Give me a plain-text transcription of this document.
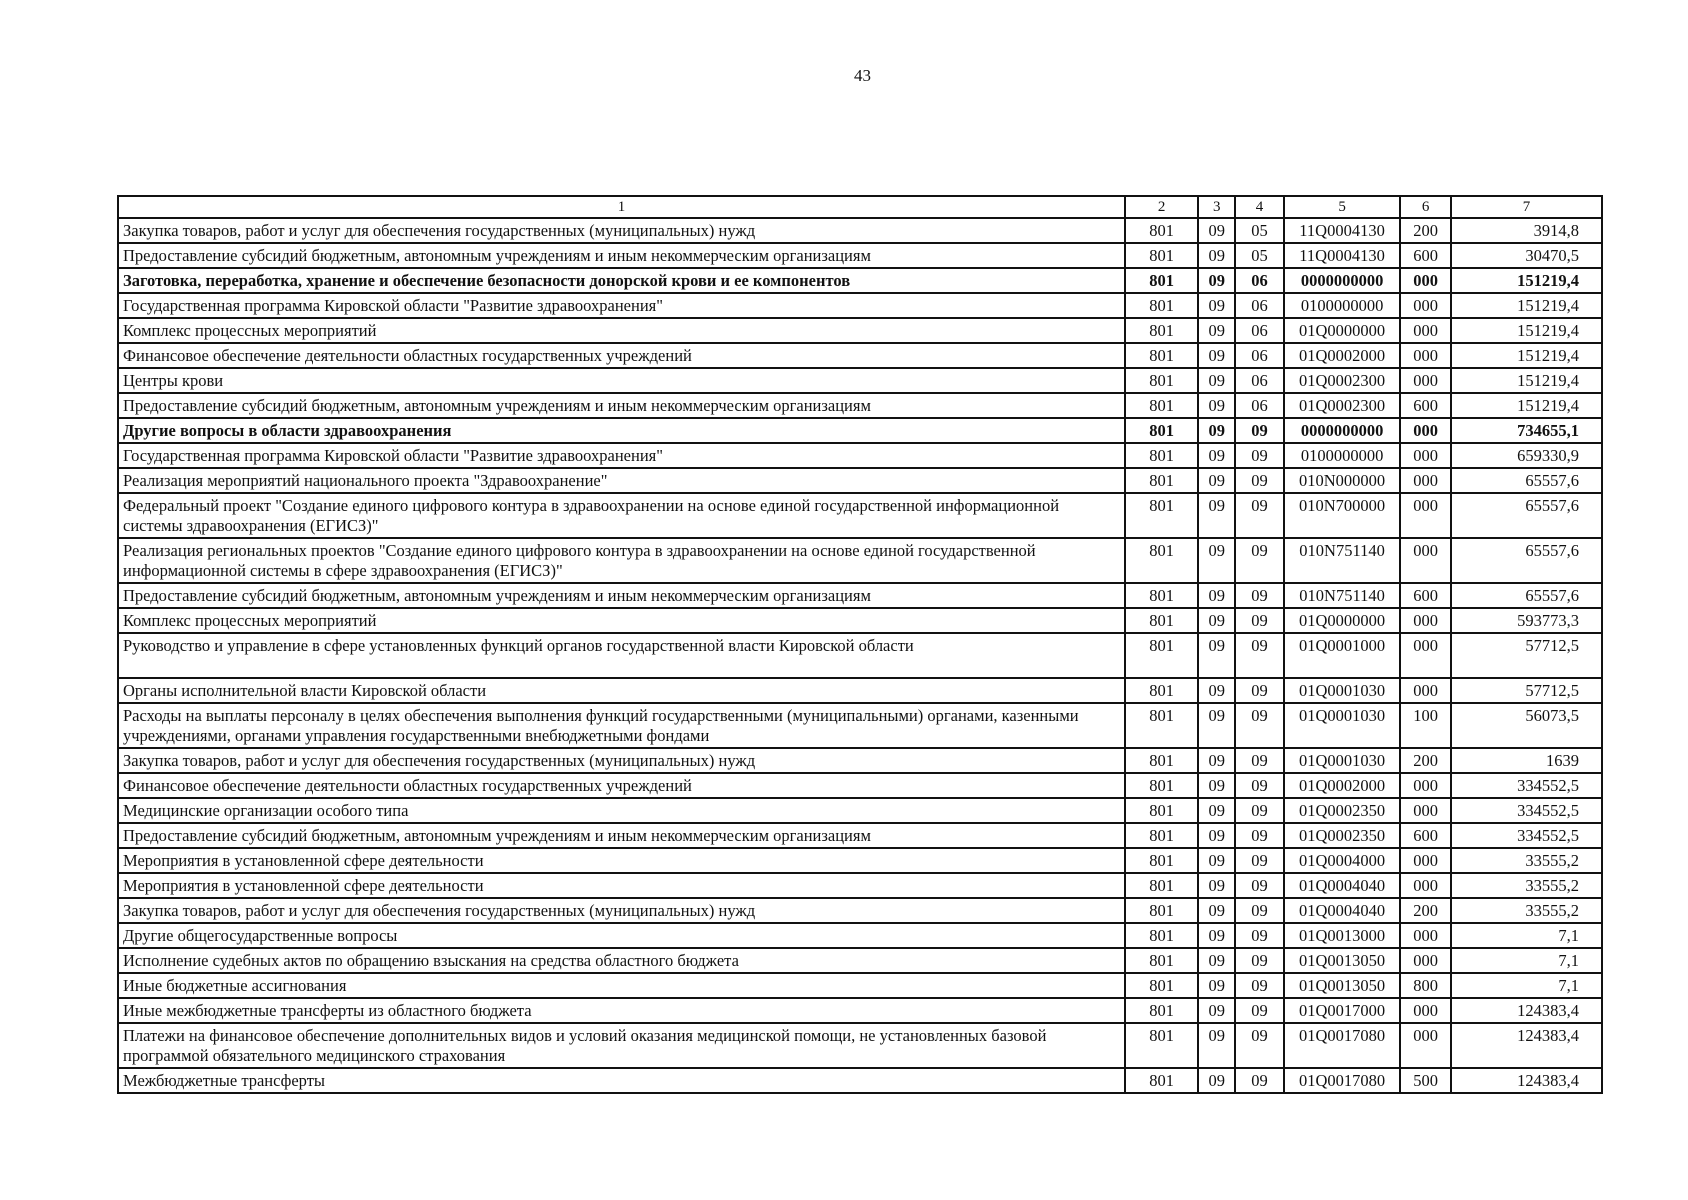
43
1	2	3	4	5	6	7
Закупка товаров, работ и услуг для обеспечения государственных (муниципальных) нужд	801	09	05	11Q0004130	200	3914,8
Предоставление субсидий бюджетным, автономным учреждениям и иным некоммерческим организациям	801	09	05	11Q0004130	600	30470,5
Заготовка, переработка, хранение и обеспечение безопасности донорской крови и ее компонентов	801	09	06	0000000000	000	151219,4
Государственная программа Кировской области "Развитие здравоохранения"	801	09	06	0100000000	000	151219,4
Комплекс процессных мероприятий	801	09	06	01Q0000000	000	151219,4
Финансовое обеспечение деятельности областных государственных учреждений	801	09	06	01Q0002000	000	151219,4
Центры крови	801	09	06	01Q0002300	000	151219,4
Предоставление субсидий бюджетным, автономным учреждениям и иным некоммерческим организациям	801	09	06	01Q0002300	600	151219,4
Другие вопросы в области здравоохранения	801	09	09	0000000000	000	734655,1
Государственная программа Кировской области "Развитие здравоохранения"	801	09	09	0100000000	000	659330,9
Реализация мероприятий национального проекта "Здравоохранение"	801	09	09	010N000000	000	65557,6
Федеральный проект "Создание единого цифрового контура в здравоохранении на основе единой государственной информационной системы здравоохранения (ЕГИСЗ)"	801	09	09	010N700000	000	65557,6
Реализация региональных проектов "Создание единого цифрового контура в здравоохранении на основе единой государственной информационной системы в сфере здравоохранения (ЕГИСЗ)"	801	09	09	010N751140	000	65557,6
Предоставление субсидий бюджетным, автономным учреждениям и иным некоммерческим организациям	801	09	09	010N751140	600	65557,6
Комплекс процессных мероприятий	801	09	09	01Q0000000	000	593773,3
Руководство и управление в сфере установленных функций органов государственной власти Кировской области	801	09	09	01Q0001000	000	57712,5
Органы исполнительной власти Кировской области	801	09	09	01Q0001030	000	57712,5
Расходы на выплаты персоналу в целях обеспечения выполнения функций государственными (муниципальными) органами, казенными учреждениями, органами управления государственными внебюджетными фондами	801	09	09	01Q0001030	100	56073,5
Закупка товаров, работ и услуг для обеспечения государственных (муниципальных) нужд	801	09	09	01Q0001030	200	1639
Финансовое обеспечение деятельности областных государственных учреждений	801	09	09	01Q0002000	000	334552,5
Медицинские организации особого типа	801	09	09	01Q0002350	000	334552,5
Предоставление субсидий бюджетным, автономным учреждениям и иным некоммерческим организациям	801	09	09	01Q0002350	600	334552,5
Мероприятия в установленной сфере деятельности	801	09	09	01Q0004000	000	33555,2
Мероприятия в установленной сфере деятельности	801	09	09	01Q0004040	000	33555,2
Закупка товаров, работ и услуг для обеспечения государственных (муниципальных) нужд	801	09	09	01Q0004040	200	33555,2
Другие общегосударственные вопросы	801	09	09	01Q0013000	000	7,1
Исполнение судебных актов по обращению взыскания на средства областного бюджета	801	09	09	01Q0013050	000	7,1
Иные бюджетные ассигнования	801	09	09	01Q0013050	800	7,1
Иные межбюджетные трансферты из областного бюджета	801	09	09	01Q0017000	000	124383,4
Платежи на финансовое обеспечение дополнительных видов и условий оказания медицинской помощи, не установленных базовой программой обязательного медицинского страхования	801	09	09	01Q0017080	000	124383,4
Межбюджетные трансферты	801	09	09	01Q0017080	500	124383,4
